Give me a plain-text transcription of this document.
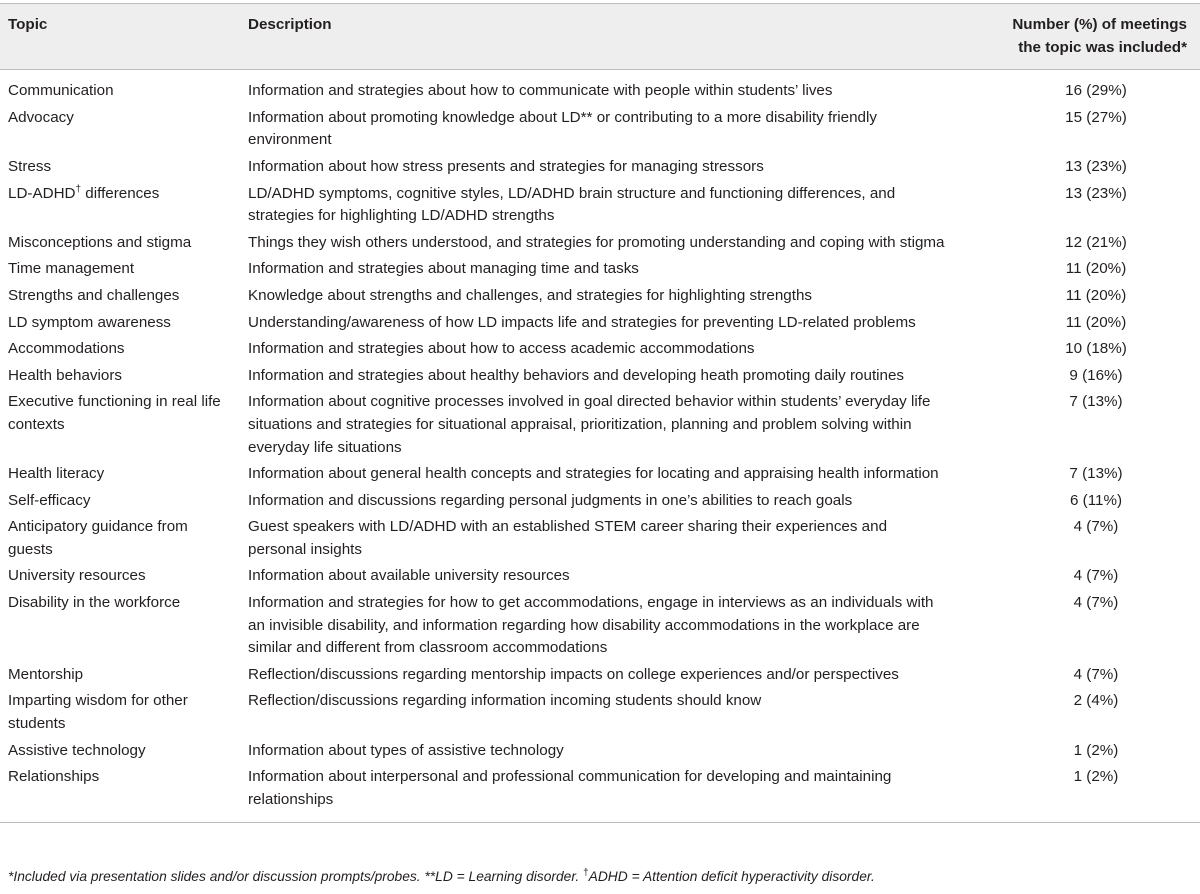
Topic	Description	Number (%) of meetings
the topic was included*
Communication	Information and strategies about how to communicate with people within students’ lives	16 (29%)
Advocacy	Information about promoting knowledge about LD** or contributing to a more disability friendly environment	15 (27%)
Stress	Information about how stress presents and strategies for managing stressors	13 (23%)
LD-ADHD† differences	LD/ADHD symptoms, cognitive styles, LD/ADHD brain structure and functioning differences, and strategies for highlighting LD/ADHD strengths	13 (23%)
Misconceptions and stigma	Things they wish others understood, and strategies for promoting understanding and coping with stigma	12 (21%)
Time management	Information and strategies about managing time and tasks	11 (20%)
Strengths and challenges	Knowledge about strengths and challenges, and strategies for highlighting strengths	11 (20%)
LD symptom awareness	Understanding/awareness of how LD impacts life and strategies for preventing LD-related problems	11 (20%)
Accommodations	Information and strategies about how to access academic accommodations	10 (18%)
Health behaviors	Information and strategies about healthy behaviors and developing heath promoting daily routines	9 (16%)
Executive functioning in real life contexts	Information about cognitive processes involved in goal directed behavior within students’ everyday life situations and strategies for situational appraisal, prioritization, planning and problem solving within everyday life situations	7 (13%)
Health literacy	Information about general health concepts and strategies for locating and appraising health information	7 (13%)
Self-efficacy	Information and discussions regarding personal judgments in one’s abilities to reach goals	6 (11%)
Anticipatory guidance from guests	Guest speakers with LD/ADHD with an established STEM career sharing their experiences and personal insights	4 (7%)
University resources	Information about available university resources	4 (7%)
Disability in the workforce	Information and strategies for how to get accommodations, engage in interviews as an individuals with an invisible disability, and information regarding how disability accommodations in the workplace are similar and different from classroom accommodations	4 (7%)
Mentorship	Reflection/discussions regarding mentorship impacts on college experiences and/or perspectives	4 (7%)
Imparting wisdom for other students	Reflection/discussions regarding information incoming students should know	2 (4%)
Assistive technology	Information about types of assistive technology	1 (2%)
Relationships	Information about interpersonal and professional communication for developing and maintaining relationships	1 (2%)
*Included via presentation slides and/or discussion prompts/probes. **LD = Learning disorder. †ADHD = Attention deficit hyperactivity disorder.
